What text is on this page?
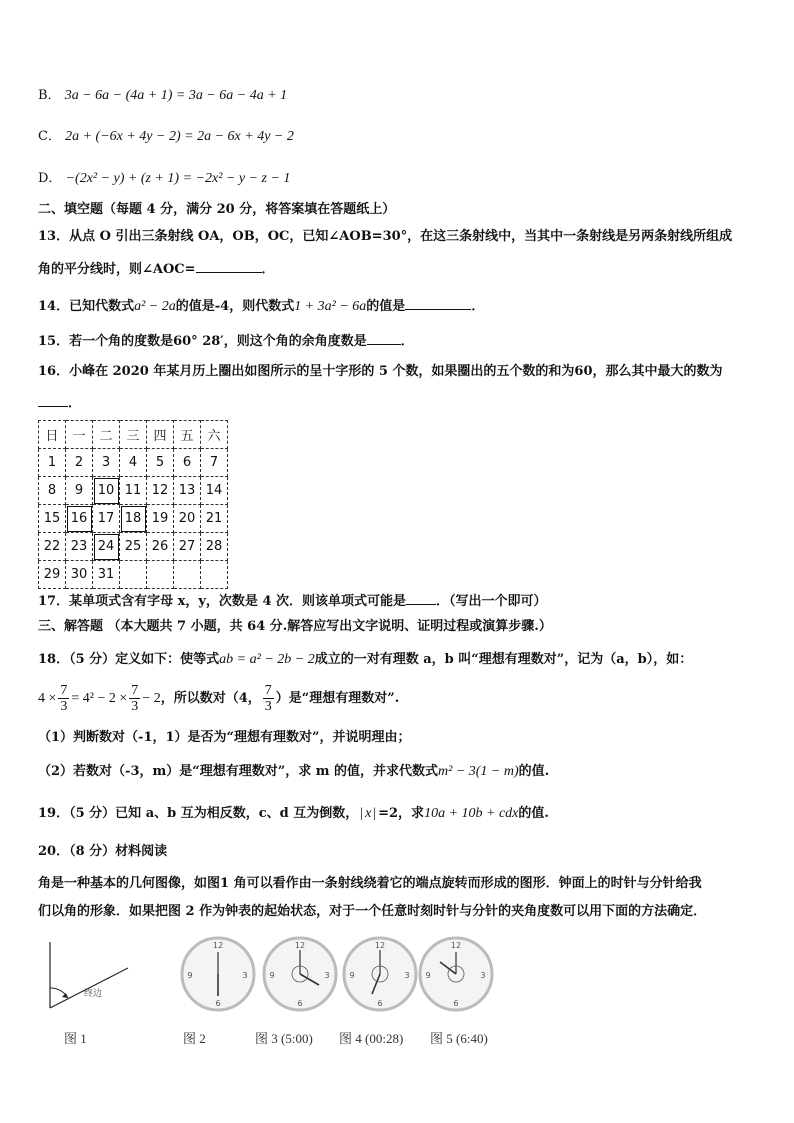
B． 3a − 6a − (4a + 1) = 3a − 6a − 4a + 1
C． 2a + (−6x + 4y − 2) = 2a − 6x + 4y − 2
D． −(2x² − y) + (z + 1) = −2x² − y − z − 1
二、填空题（每题 4 分，满分 20 分，将答案填在答题纸上）
13．从点 O 引出三条射线 OA，OB，OC，已知∠AOB=30°，在这三条射线中，当其中一条射线是另两条射线所组成
角的平分线时，则∠AOC=	．
14．已知代数式a² − 2a的值是-4，则代数式1 + 3a² − 6a的值是	．
15．若一个角的度数是60° 28′，则这个角的余角度数是	．
16．小峰在 2020 年某月历上圈出如图所示的呈十字形的 5 个数，如果圈出的五个数的和为60，那么其中最大的数为
．
日	一	二	三	四	五	六
1	2	3	4	5	6	7
8	9	10	11	12	13	14
15	16	17	18	19	20	21
22	23	24	25	26	27	28
29	30	31				
17．某单项式含有字母 x，y，次数是 4 次．则该单项式可能是 ．（写出一个即可）
三、解答题 （本大题共 7 小题，共 64 分.解答应写出文字说明、证明过程或演算步骤.）
18．（5 分）定义如下：使等式ab = a² − 2b − 2成立的一对有理数 a，b 叫“理想有理数对”，记为（a，b），如：
$4 \times \frac{7}{3} = 4^2 - 2 \times \frac{7}{3} - 2$，所以数对（4， $\frac{7}{3}$ ）是“理想有理数对”.
（1）判断数对（-1，1）是否为“理想有理数对”，并说明理由；
（2）若数对（-3，m）是“理想有理数对”，求 m 的值，并求代数式m² − 3(1 − m)的值.
19．（5 分）已知 a、b 互为相反数，c、d 互为倒数， | x | =2，求10a + 10b + cdx的值.
20．（8 分）材料阅读
角是一种基本的几何图像，如图1 角可以看作由一条射线绕着它的端点旋转而形成的图形．钟面上的时针与分针给我
们以角的形象．如果把图 2 作为钟表的起始状态，对于一个任意时刻时针与分针的夹角度数可以用下面的方法确定．
终边
12
3
6
9
12
3
6
9
12
3
6
9
12
3
6
9
图 1	图 2	图 3 (5:00) 图 4 (00:28) 图 5 (6:40)
